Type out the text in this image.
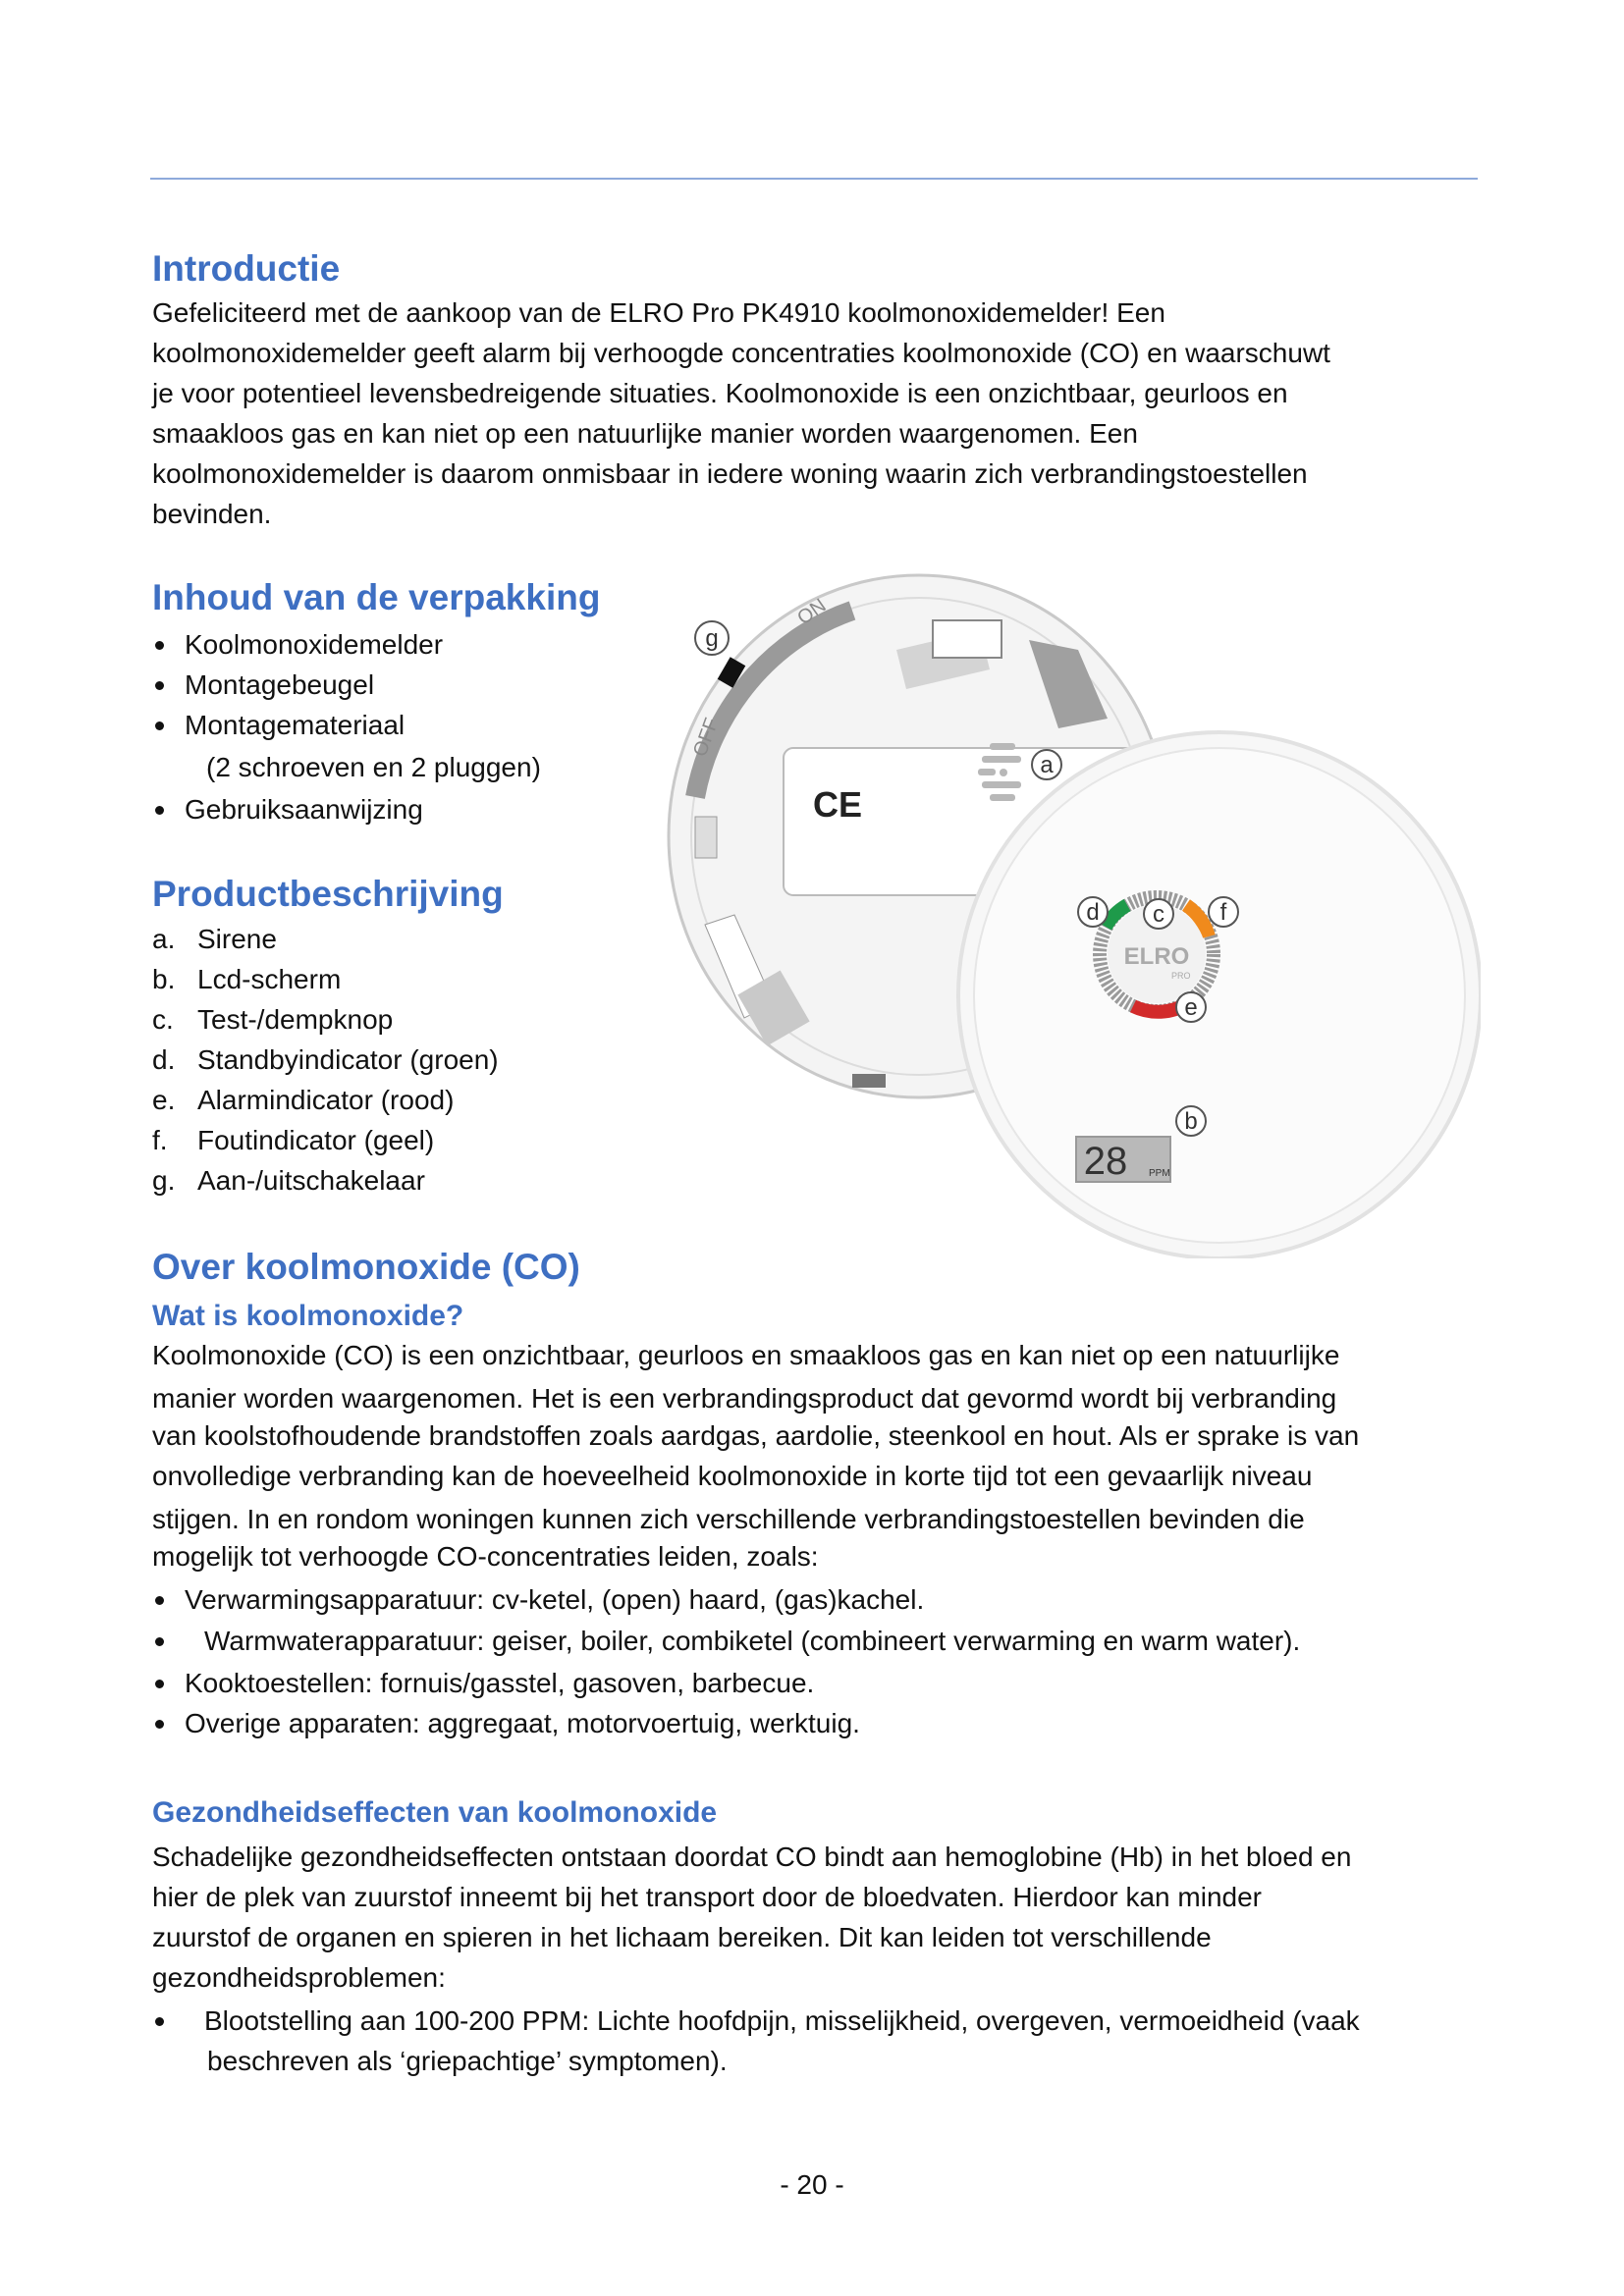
Introductie
Gefeliciteerd met de aankoop van de ELRO Pro PK4910 koolmonoxidemelder! Een
koolmonoxidemelder geeft alarm bij verhoogde concentraties koolmonoxide (CO) en waarschuwt
je voor potentieel levensbedreigende situaties. Koolmonoxide is een onzichtbaar, geurloos en
smaakloos gas en kan niet op een natuurlijke manier worden waargenomen. Een
koolmonoxidemelder is daarom onmisbaar in iedere woning waarin zich verbrandingstoestellen
bevinden.
Inhoud van de verpakking
Koolmonoxidemelder
Montagebeugel
Montagemateriaal
(2 schroeven en 2 pluggen)
Gebruiksaanwijzing
Productbeschrijving
a. Sirene
b. Lcd-scherm
c. Test-/dempknop
d. Standbyindicator (groen)
e. Alarmindicator (rood)
f. Foutindicator (geel)
g. Aan-/uitschakelaar
ON
OFF
CE
g
ELRO
PRO
28 PPM
a
c
d	f
e
b
Over koolmonoxide (CO)
Wat is koolmonoxide?
Koolmonoxide (CO) is een onzichtbaar, geurloos en smaakloos gas en kan niet op een natuurlijke
manier worden waargenomen. Het is een verbrandingsproduct dat gevormd wordt bij verbranding
van koolstofhoudende brandstoffen zoals aardgas, aardolie, steenkool en hout. Als er sprake is van
onvolledige verbranding kan de hoeveelheid koolmonoxide in korte tijd tot een gevaarlijk niveau
stijgen. In en rondom woningen kunnen zich verschillende verbrandingstoestellen bevinden die
mogelijk tot verhoogde CO-concentraties leiden, zoals:
Verwarmingsapparatuur: cv-ketel, (open) haard, (gas)kachel.
Warmwaterapparatuur: geiser, boiler, combiketel (combineert verwarming en warm water).
Kooktoestellen: fornuis/gasstel, gasoven, barbecue.
Overige apparaten: aggregaat, motorvoertuig, werktuig.
Gezondheidseffecten van koolmonoxide
Schadelijke gezondheidseffecten ontstaan doordat CO bindt aan hemoglobine (Hb) in het bloed en
hier de plek van zuurstof inneemt bij het transport door de bloedvaten. Hierdoor kan minder
zuurstof de organen en spieren in het lichaam bereiken. Dit kan leiden tot verschillende
gezondheidsproblemen:
Blootstelling aan 100-200 PPM: Lichte hoofdpijn, misselijkheid, overgeven, vermoeidheid (vaak
beschreven als ‘griepachtige’ symptomen).
- 20 -
